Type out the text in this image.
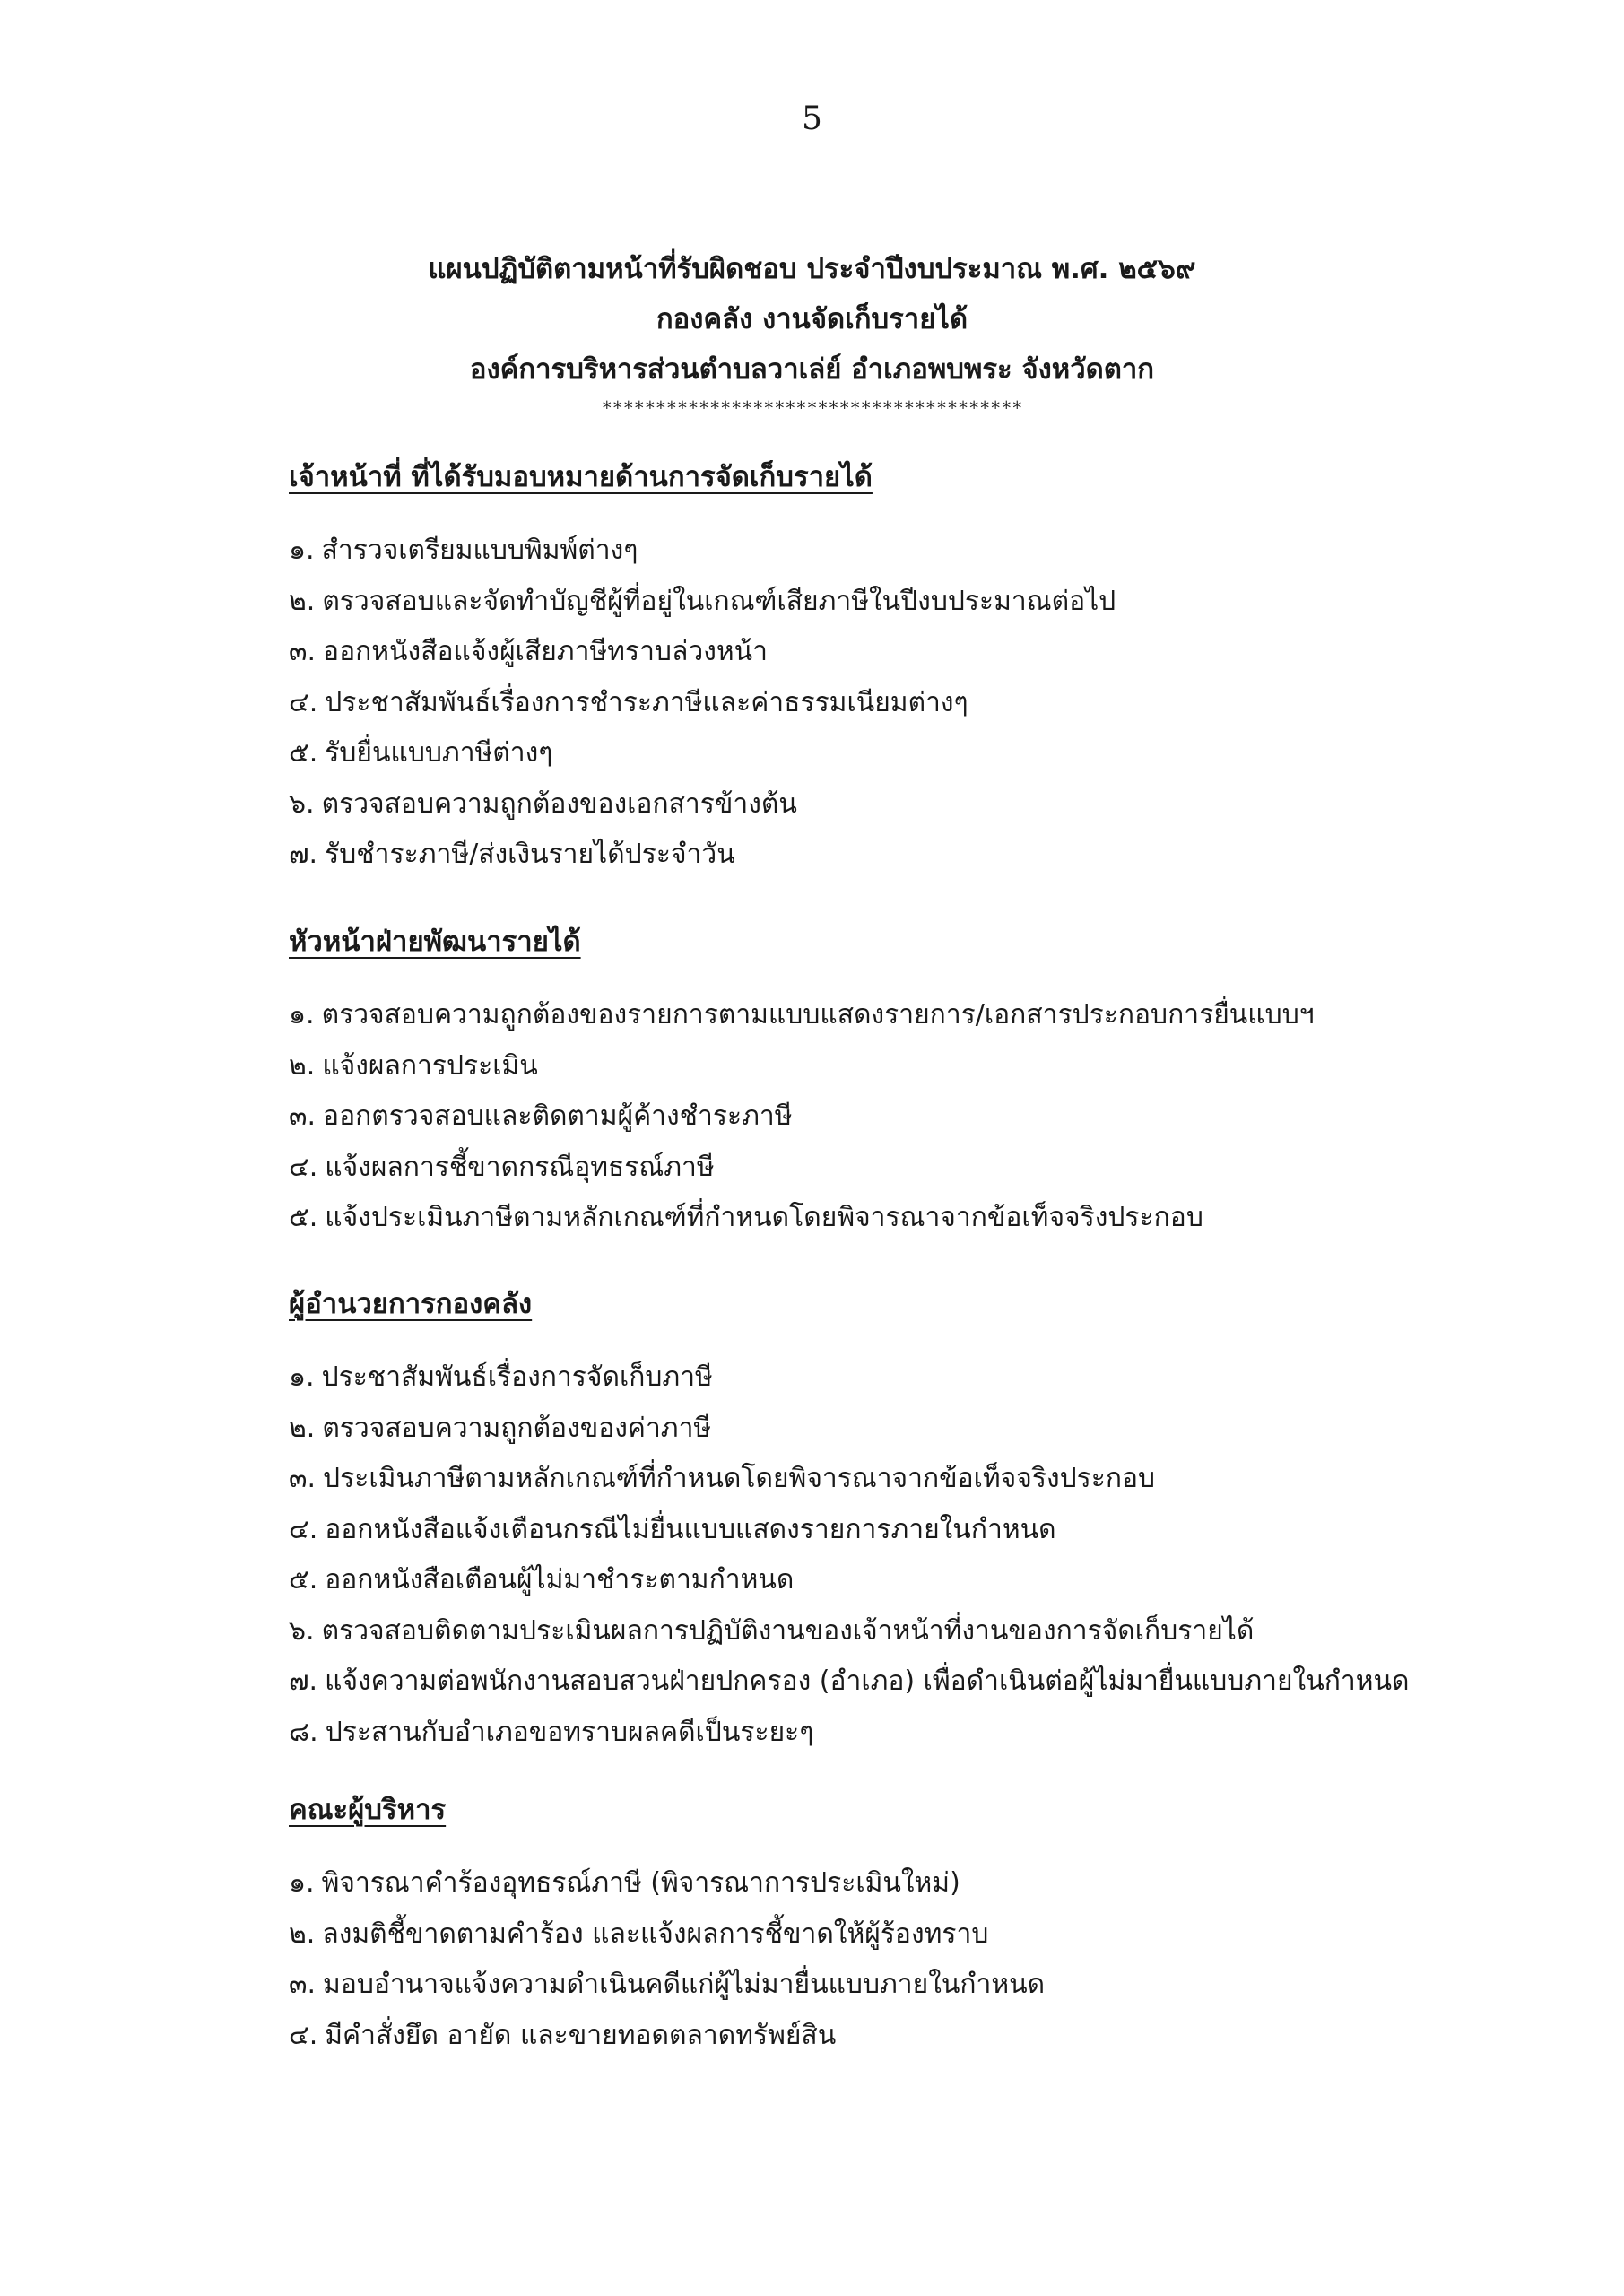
5
แผนปฏิบัติตามหน้าที่รับผิดชอบ ประจำปีงบประมาณ พ.ศ. ๒๕๖๙
กองคลัง งานจัดเก็บรายได้
องค์การบริหารส่วนตำบลวาเล่ย์ อำเภอพบพระ จังหวัดตาก
***************************************
เจ้าหน้าที่ ที่ได้รับมอบหมายด้านการจัดเก็บรายได้
๑. สำรวจเตรียมแบบพิมพ์ต่างๆ
๒. ตรวจสอบและจัดทำบัญชีผู้ที่อยู่ในเกณฑ์เสียภาษีในปีงบประมาณต่อไป
๓. ออกหนังสือแจ้งผู้เสียภาษีทราบล่วงหน้า
๔. ประชาสัมพันธ์เรื่องการชำระภาษีและค่าธรรมเนียมต่างๆ
๕. รับยื่นแบบภาษีต่างๆ
๖. ตรวจสอบความถูกต้องของเอกสารข้างต้น
๗. รับชำระภาษี/ส่งเงินรายได้ประจำวัน
หัวหน้าฝ่ายพัฒนารายได้
๑. ตรวจสอบความถูกต้องของรายการตามแบบแสดงรายการ/เอกสารประกอบการยื่นแบบฯ
๒. แจ้งผลการประเมิน
๓. ออกตรวจสอบและติดตามผู้ค้างชำระภาษี
๔. แจ้งผลการชี้ขาดกรณีอุทธรณ์ภาษี
๕. แจ้งประเมินภาษีตามหลักเกณฑ์ที่กำหนดโดยพิจารณาจากข้อเท็จจริงประกอบ
ผู้อำนวยการกองคลัง
๑. ประชาสัมพันธ์เรื่องการจัดเก็บภาษี
๒. ตรวจสอบความถูกต้องของค่าภาษี
๓. ประเมินภาษีตามหลักเกณฑ์ที่กำหนดโดยพิจารณาจากข้อเท็จจริงประกอบ
๔. ออกหนังสือแจ้งเตือนกรณีไม่ยื่นแบบแสดงรายการภายในกำหนด
๕. ออกหนังสือเตือนผู้ไม่มาชำระตามกำหนด
๖. ตรวจสอบติดตามประเมินผลการปฏิบัติงานของเจ้าหน้าที่งานของการจัดเก็บรายได้
๗. แจ้งความต่อพนักงานสอบสวนฝ่ายปกครอง (อำเภอ) เพื่อดำเนินต่อผู้ไม่มายื่นแบบภายในกำหนด
๘. ประสานกับอำเภอขอทราบผลคดีเป็นระยะๆ
คณะผู้บริหาร
๑. พิจารณาคำร้องอุทธรณ์ภาษี (พิจารณาการประเมินใหม่)
๒. ลงมติชี้ขาดตามคำร้อง และแจ้งผลการชี้ขาดให้ผู้ร้องทราบ
๓. มอบอำนาจแจ้งความดำเนินคดีแก่ผู้ไม่มายื่นแบบภายในกำหนด
๔. มีคำสั่งยึด อายัด และขายทอดตลาดทรัพย์สิน
